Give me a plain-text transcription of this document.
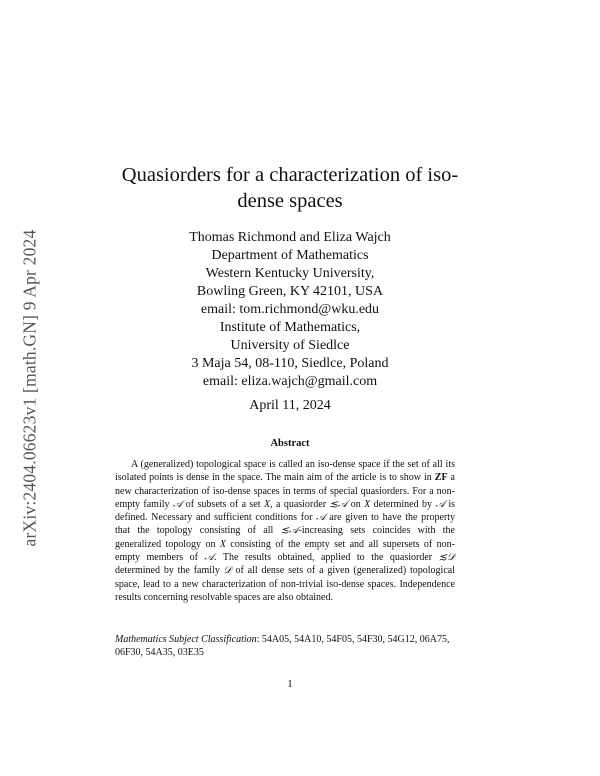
arXiv:2404.06623v1 [math.GN] 9 Apr 2024
Quasiorders for a characterization of iso-dense spaces
Thomas Richmond and Eliza Wajch
Department of Mathematics
Western Kentucky University,
Bowling Green, KY 42101, USA
email: tom.richmond@wku.edu
Institute of Mathematics,
University of Siedlce
3 Maja 54, 08-110, Siedlce, Poland
email: eliza.wajch@gmail.com
April 11, 2024
Abstract

A (generalized) topological space is called an iso-dense space if the set of all its isolated points is dense in the space. The main aim of the article is to show in ZF a new characterization of iso-dense spaces in terms of special quasiorders. For a non-empty family 𝒜 of subsets of a set X, a quasiorder ≲𝒜 on X determined by 𝒜 is defined. Necessary and sufficient conditions for 𝒜 are given to have the property that the topology consisting of all ≲𝒜-increasing sets coincides with the generalized topology on X consisting of the empty set and all supersets of non-empty members of 𝒜. The results obtained, applied to the quasiorder ≲𝒟 determined by the family 𝒟 of all dense sets of a given (generalized) topological space, lead to a new characterization of non-trivial iso-dense spaces. Independence results concerning resolvable spaces are also obtained.

Mathematics Subject Classification: 54A05, 54A10, 54F05, 54F30, 54G12, 06A75, 06F30, 54A35, 03E35

1
